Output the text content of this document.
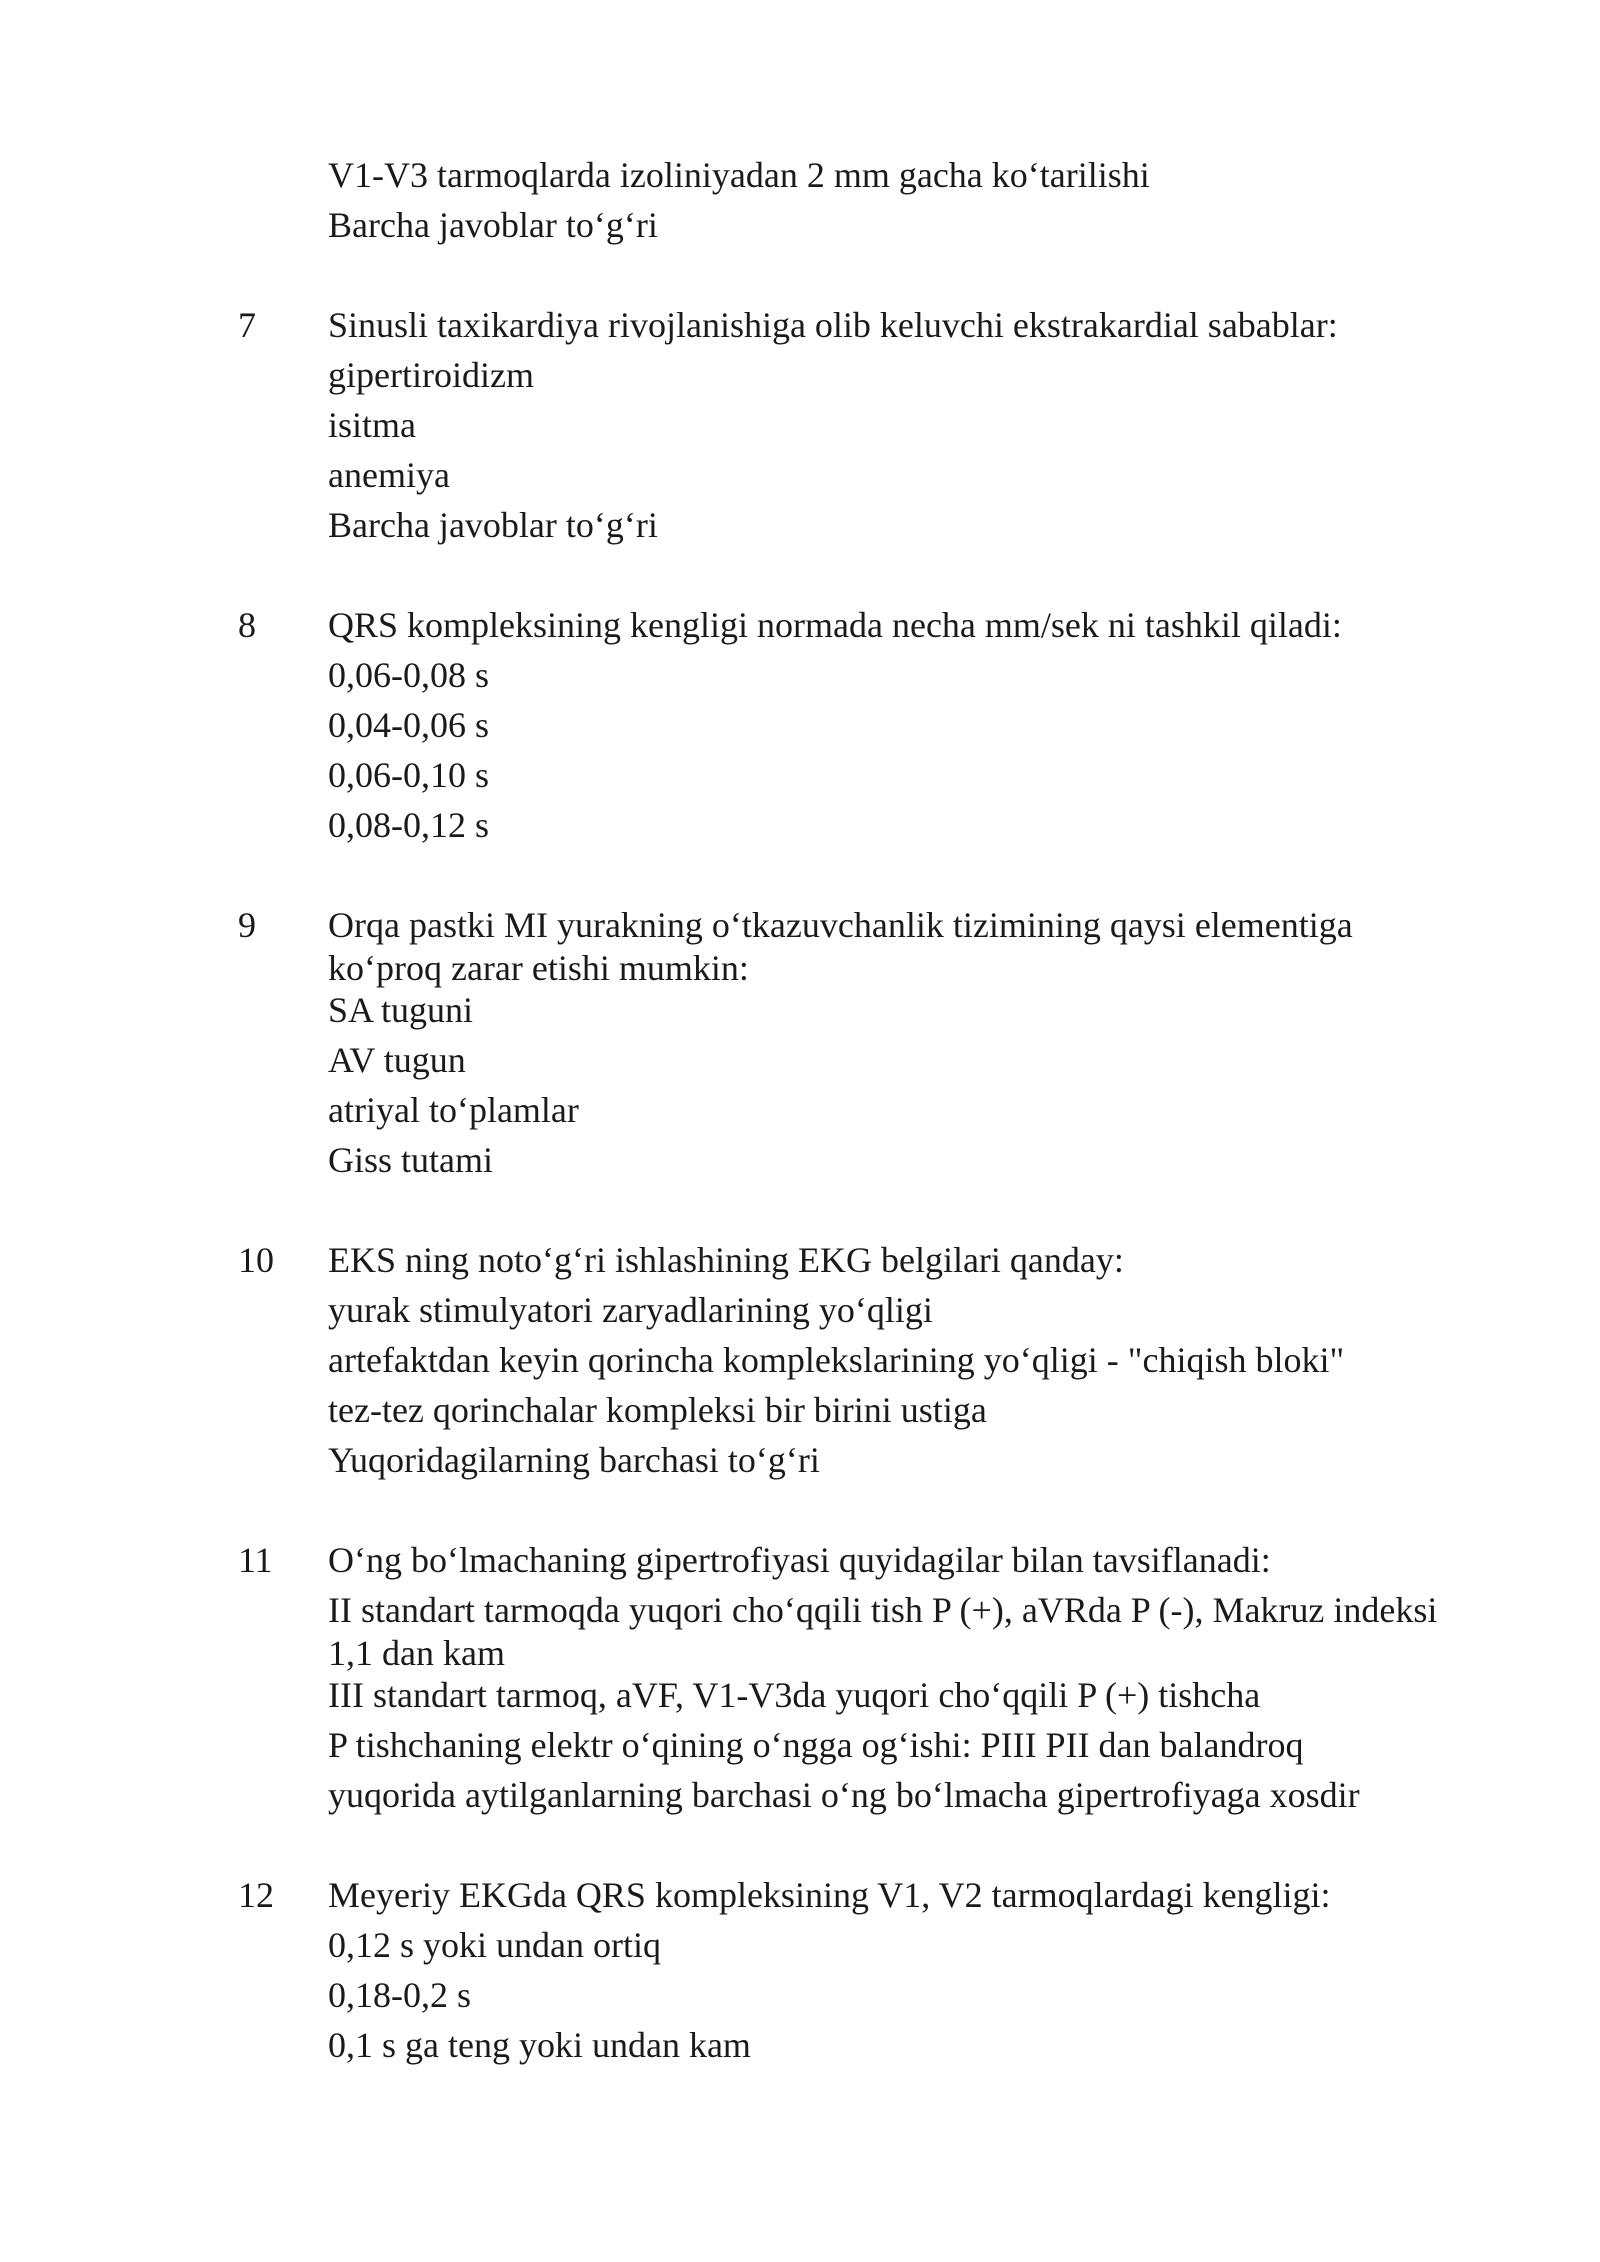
V1-V3 tarmoqlarda izoliniyadan 2 mm gacha ko‘tarilishi
Barcha javoblar to‘g‘ri
7 Sinusli taxikardiya rivojlanishiga olib keluvchi ekstrakardial sabablar:
gipertiroidizm
isitma
anemiya
Barcha javoblar to‘g‘ri
8 QRS kompleksining kengligi normada necha mm/sek ni tashkil qiladi:
0,06-0,08 s
0,04-0,06 s
0,06-0,10 s
0,08-0,12 s
9 Orqa pastki MI yurakning o‘tkazuvchanlik tizimining qaysi elementiga ko‘proq zarar etishi mumkin:
SA tuguni
AV tugun
atriyal to‘plamlar
Giss tutami
10 EKS ning noto‘g‘ri ishlashining EKG belgilari qanday:
yurak stimulyatori zaryadlarining yo‘qligi
artefaktdan keyin qorincha komplekslarining yo‘qligi - "chiqish bloki"
tez-tez qorinchalar kompleksi bir birini ustiga
Yuqoridagilarning barchasi to‘g‘ri
11 O‘ng bo‘lmachaning gipertrofiyasi quyidagilar bilan tavsiflanadi:
II standart tarmoqda yuqori cho‘qqili tish P (+), aVRda P (-), Makruz indeksi 1,1 dan kam
III standart tarmoq, aVF, V1-V3da yuqori cho‘qqili P (+) tishcha
P tishchaning elektr o‘qining o‘ngga og‘ishi: PIII PII dan balandroq
yuqorida aytilganlarning barchasi o‘ng bo‘lmacha gipertrofiyaga xosdir
12 Meyeriy EKGda QRS kompleksining V1, V2 tarmoqlardagi kengligi:
0,12 s yoki undan ortiq
0,18-0,2 s
0,1 s ga teng yoki undan kam
